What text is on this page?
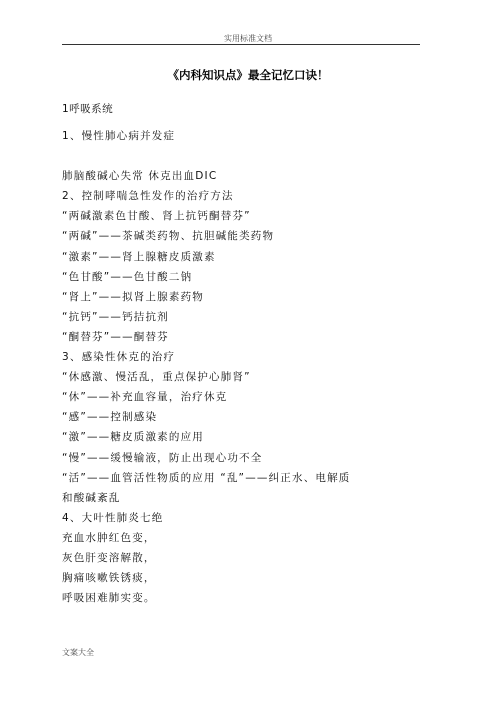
实用标准文档
《内科知识点》最全记忆口诀！
1呼吸系统
1、慢性肺心病并发症
肺脑酸碱心失常 休克出血DIC
2、控制哮喘急性发作的治疗方法
“两碱激素色甘酸、肾上抗钙酮替芬”
“两碱”——茶碱类药物、抗胆碱能类药物
“激素”——肾上腺糖皮质激素
“色甘酸”——色甘酸二钠
“肾上”——拟肾上腺素药物
“抗钙”——钙拮抗剂
“酮替芬”——酮替芬
3、感染性休克的治疗
“休感激、慢活乱，重点保护心肺肾”
“休”——补充血容量，治疗休克
“感”——控制感染
“激”——糖皮质激素的应用
“慢”——缓慢输液，防止出现心功不全
“活”——血管活性物质的应用 “乱”——纠正水、电解质
和酸碱紊乱
4、大叶性肺炎七绝
充血水肿红色变，
灰色肝变溶解散，
胸痛咳嗽铁锈痰，
呼吸困难肺实变。
文案大全
